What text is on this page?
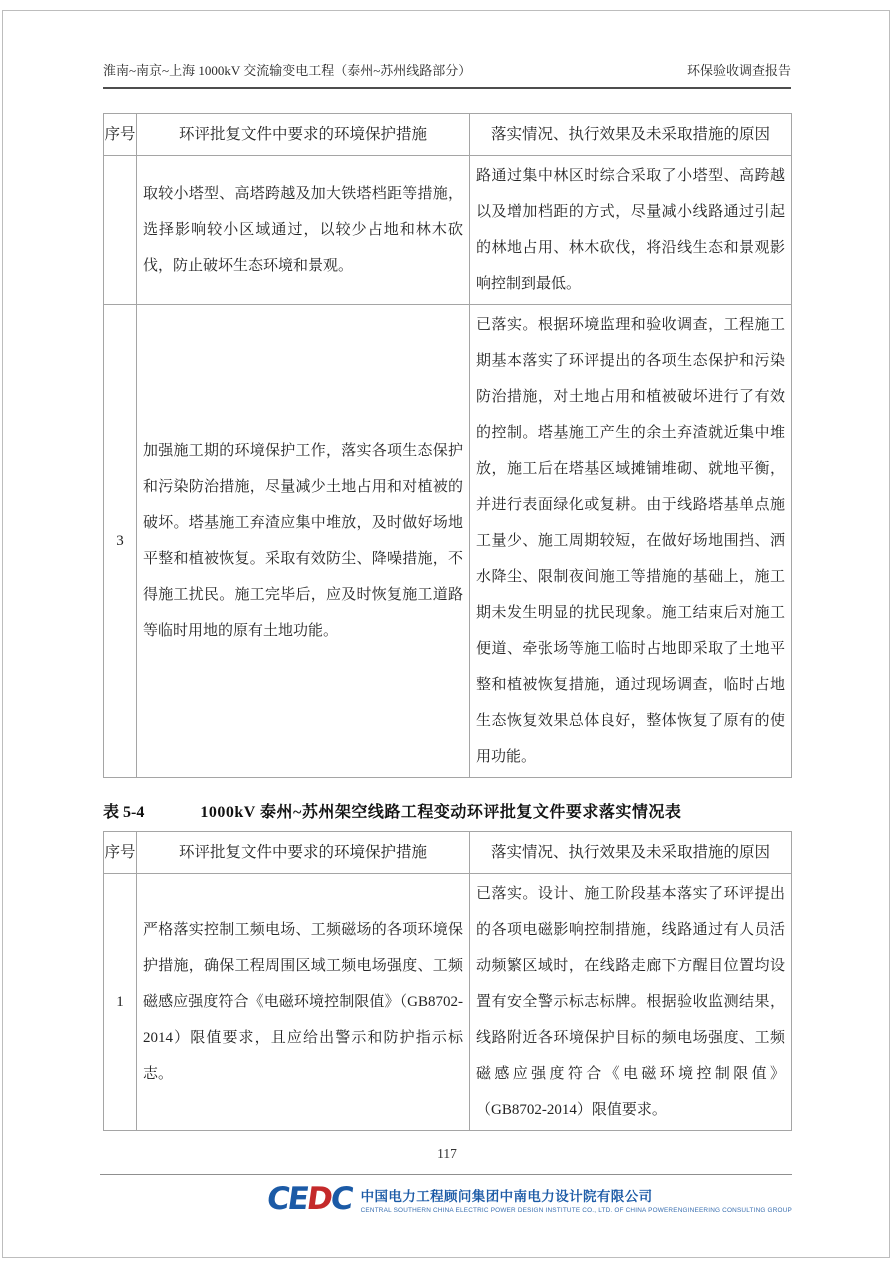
淮南~南京~上海 1000kV 交流输变电工程（泰州~苏州线路部分）	环保验收调查报告
序号	环评批复文件中要求的环境保护措施	落实情况、执行效果及未采取措施的原因
	取较小塔型、高塔跨越及加大铁塔档距等措施，选择影响较小区域通过，以较少占地和林木砍伐，防止破坏生态环境和景观。	路通过集中林区时综合采取了小塔型、高跨越以及增加档距的方式，尽量减小线路通过引起的林地占用、林木砍伐，将沿线生态和景观影响控制到最低。
3	加强施工期的环境保护工作，落实各项生态保护和污染防治措施，尽量减少土地占用和对植被的破坏。塔基施工弃渣应集中堆放，及时做好场地平整和植被恢复。采取有效防尘、降噪措施，不得施工扰民。施工完毕后，应及时恢复施工道路等临时用地的原有土地功能。	已落实。根据环境监理和验收调查，工程施工期基本落实了环评提出的各项生态保护和污染防治措施，对土地占用和植被破坏进行了有效的控制。塔基施工产生的余土弃渣就近集中堆放，施工后在塔基区域摊铺堆砌、就地平衡，并进行表面绿化或复耕。由于线路塔基单点施工量少、施工周期较短，在做好场地围挡、洒水降尘、限制夜间施工等措施的基础上，施工期未发生明显的扰民现象。施工结束后对施工便道、牵张场等施工临时占地即采取了土地平整和植被恢复措施，通过现场调查，临时占地生态恢复效果总体良好，整体恢复了原有的使用功能。
表 5-4	1000kV 泰州~苏州架空线路工程变动环评批复文件要求落实情况表
序号	环评批复文件中要求的环境保护措施	落实情况、执行效果及未采取措施的原因
1	严格落实控制工频电场、工频磁场的各项环境保护措施，确保工程周围区域工频电场强度、工频磁感应强度符合《电磁环境控制限值》（GB8702-2014）限值要求，且应给出警示和防护指示标志。	已落实。设计、施工阶段基本落实了环评提出的各项电磁影响控制措施，线路通过有人员活动频繁区域时，在线路走廊下方醒目位置均设置有安全警示标志标牌。根据验收监测结果，线路附近各环境保护目标的频电场强度、工频磁感应强度符合《电磁环境控制限值》（GB8702-2014）限值要求。
117
C
E
D
C 中国电力工程顾问集团中南电力设计院有限公司
CENTRAL SOUTHERN CHINA ELECTRIC POWER DESIGN INSTITUTE CO., LTD. OF CHINA POWERENGINEERING CONSULTING GROUP
